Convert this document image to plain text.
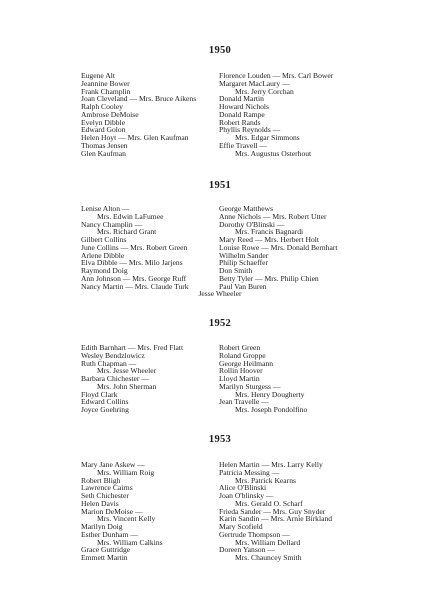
1950
Eugene Alt
Jeannine Bower
Frank Champlin
Joan Cleveland — Mrs. Bruce Aikens
Ralph Cooley
Ambrose DeMoise
Evelyn Dibble
Edward Golon
Helen Hoyt — Mrs. Glen Kaufman
Thomas Jensen
Glen Kaufman
Florence Louden — Mrs. Carl Bower
Margaret MacLaury —
Mrs. Jerry Corchan
Donald Martin
Howard Nichols
Donald Rampe
Robert Rands
Phyllis Reynolds —
Mrs. Edgar Simmons
Effie Travell —
Mrs. Augustus Osterhout
1951
Lenise Alton —
Mrs. Edwin LaFumee
Nancy Champlin —
Mrs. Richard Grant
Gilbert Collins
June Collins — Mrs. Robert Green
Arlene Dibble
Elva Dibble — Mrs. Milo Jarjens
Raymond Doig
Ann Johnson — Mrs. George Ruff
Nancy Martin — Mrs. Claude Turk
George Matthews
Anne Nichols — Mrs. Robert Utter
Dorothy O'Blinski —
Mrs. Francis Bagnardi
Mary Reed — Mrs. Herbert Holt
Louise Rowe — Mrs. Donald Bernhart
Wilhelm Sander
Philip Schaeffer
Don Smith
Betty Tyler — Mrs. Philip Chien
Paul Van Buren
Jesse Wheeler
1952
Edith Barnhart — Mrs. Fred Flatt
Wesley Bendzlowicz
Ruth Chapman —
Mrs. Jesse Wheeler
Barbara Chichester —
Mrs. John Sherman
Floyd Clark
Edward Collins
Joyce Goehring
Robert Green
Roland Groppe
George Heilmann
Rollin Hoover
Lloyd Martin
Marilyn Sturgess —
Mrs. Henry Dougherty
Jean Travelle —
Mrs. Joseph Pondolfino
1953
Mary Jane Askew —
Mrs. William Roig
Robert Bligh
Lawrence Cairns
Seth Chichester
Helen Davis
Marion DeMoise —
Mrs. Vincent Kelly
Marilyn Doig
Esther Dunham —
Mrs. William Calkins
Grace Guttridge
Emmett Martin
Helen Martin — Mrs. Larry Kelly
Patricia Messing —
Mrs. Patrick Kearns
Alice O'Blinski
Joan O'blinsky —
Mrs. Gerald O. Scharf
Frieda Sander — Mrs. Guy Snyder
Karin Sandin — Mrs. Arnie Birkland
Mary Scofield
Gertrude Thompson —
Mrs. William Dellard
Doreen Yanson —
Mrs. Chauncey Smith
